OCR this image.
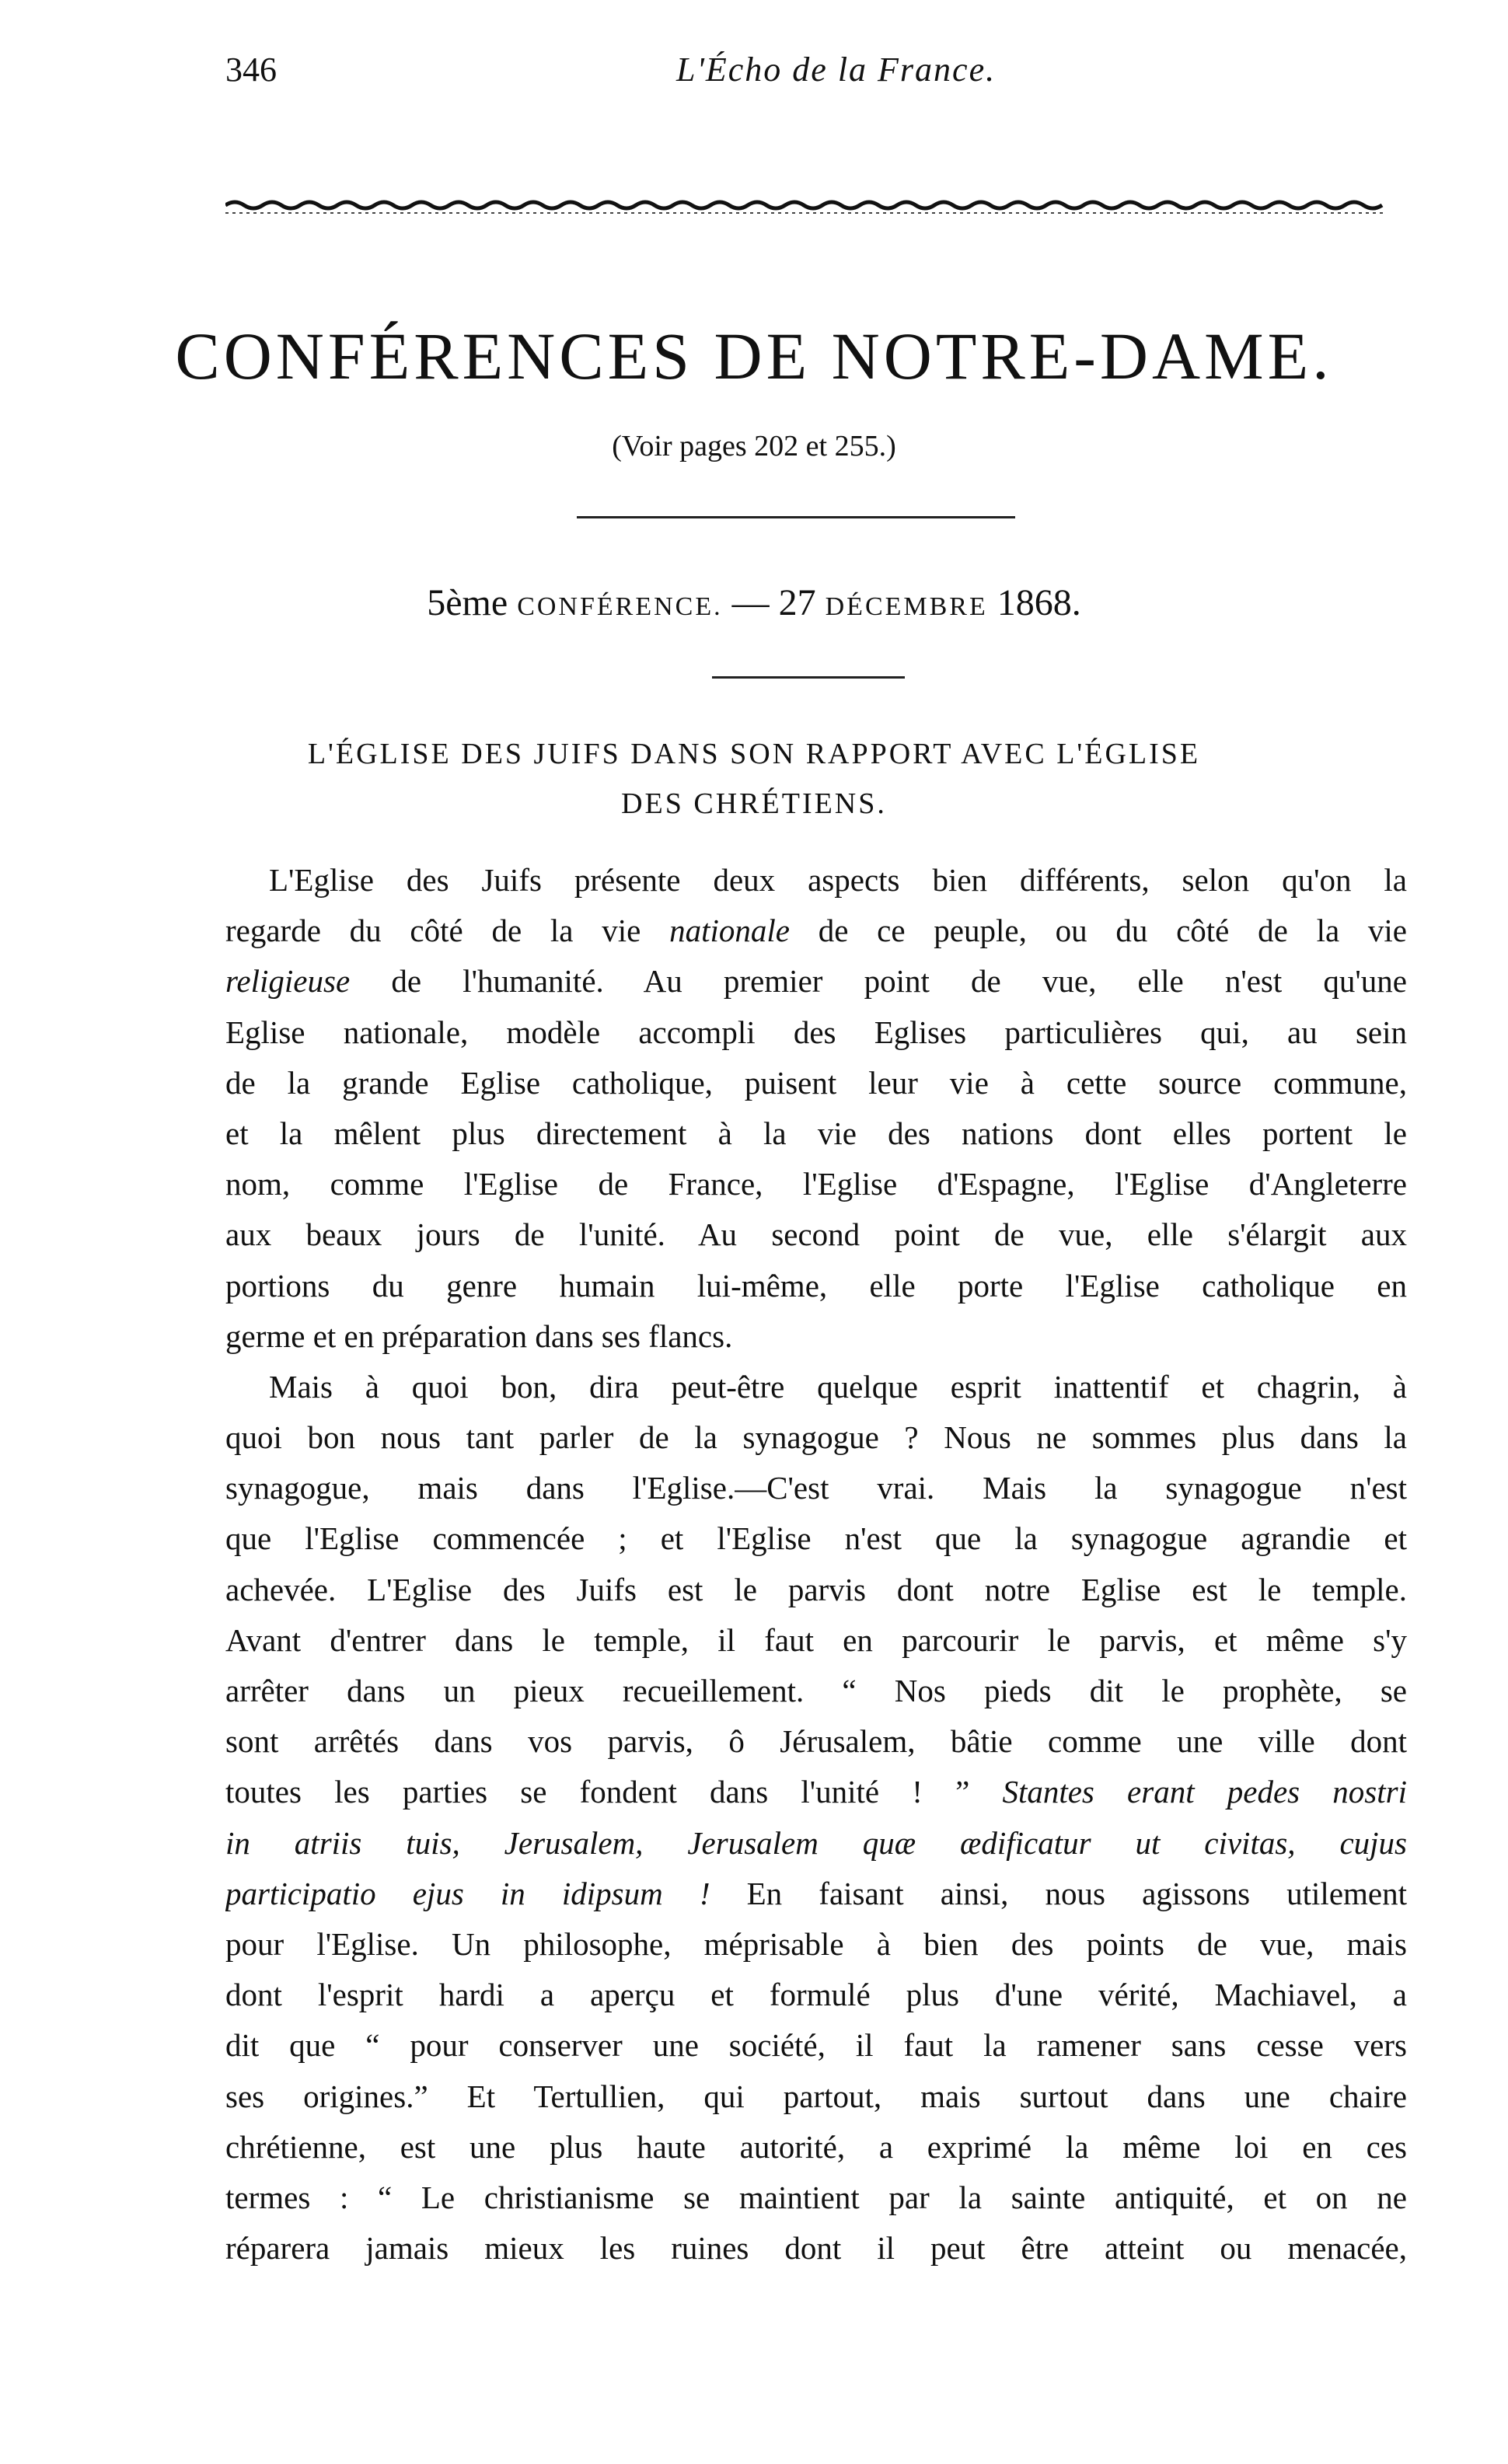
346	L'Écho de la France.
CONFÉRENCES DE NOTRE-DAME.
(Voir pages 202 et 255.)
5ème CONFÉRENCE. — 27 DÉCEMBRE 1868.
L'ÉGLISE DES JUIFS DANS SON RAPPORT AVEC L'ÉGLISE
DES CHRÉTIENS.
L'Eglise des Juifs présente deux aspects bien différents, selon qu'on la
regarde du côté de la vie nationale de ce peuple, ou du côté de la vie
religieuse de l'humanité. Au premier point de vue, elle n'est qu'une
Eglise nationale, modèle accompli des Eglises particulières qui, au sein
de la grande Eglise catholique, puisent leur vie à cette source commune,
et la mêlent plus directement à la vie des nations dont elles portent le
nom, comme l'Eglise de France, l'Eglise d'Espagne, l'Eglise d'Angleterre
aux beaux jours de l'unité. Au second point de vue, elle s'élargit aux
portions du genre humain lui-même, elle porte l'Eglise catholique en
germe et en préparation dans ses flancs.
Mais à quoi bon, dira peut-être quelque esprit inattentif et chagrin, à
quoi bon nous tant parler de la synagogue ? Nous ne sommes plus dans la
synagogue, mais dans l'Eglise.—C'est vrai. Mais la synagogue n'est
que l'Eglise commencée ; et l'Eglise n'est que la synagogue agrandie et
achevée. L'Eglise des Juifs est le parvis dont notre Eglise est le temple.
Avant d'entrer dans le temple, il faut en parcourir le parvis, et même s'y
arrêter dans un pieux recueillement. “ Nos pieds dit le prophète, se
sont arrêtés dans vos parvis, ô Jérusalem, bâtie comme une ville dont
toutes les parties se fondent dans l'unité ! ” Stantes erant pedes nostri
in atriis tuis, Jerusalem, Jerusalem quæ ædificatur ut civitas, cujus
participatio ejus in idipsum ! En faisant ainsi, nous agissons utilement
pour l'Eglise. Un philosophe, méprisable à bien des points de vue, mais
dont l'esprit hardi a aperçu et formulé plus d'une vérité, Machiavel, a
dit que “ pour conserver une société, il faut la ramener sans cesse vers
ses origines.” Et Tertullien, qui partout, mais surtout dans une chaire
chrétienne, est une plus haute autorité, a exprimé la même loi en ces
termes : “ Le christianisme se maintient par la sainte antiquité, et on ne
réparera jamais mieux les ruines dont il peut être atteint ou menacée,
